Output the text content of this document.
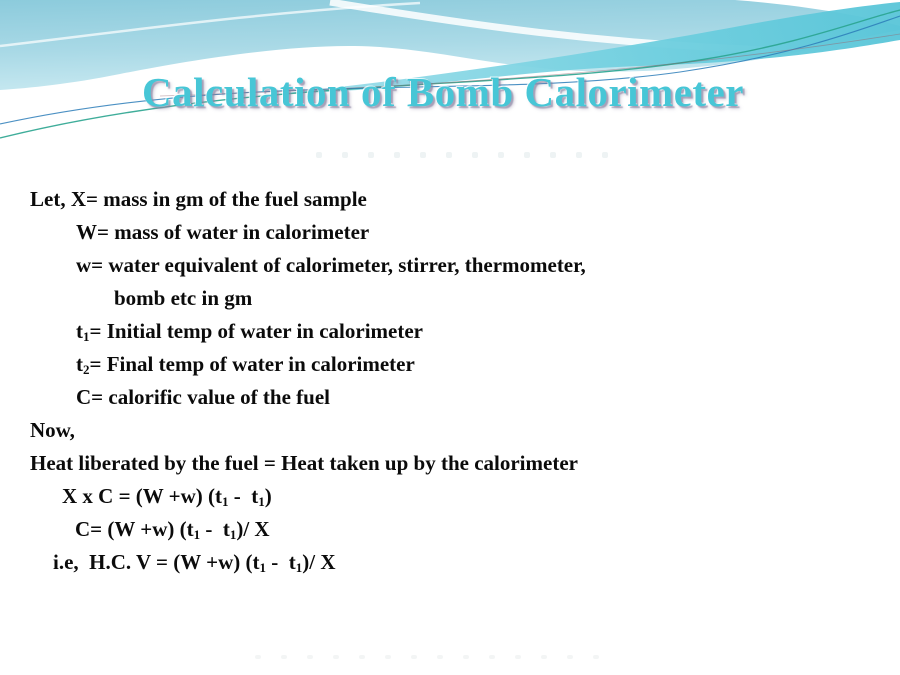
Calculation of Bomb Calorimeter
Let, X= mass in gm of the fuel sample
W= mass of water in calorimeter
w= water equivalent of calorimeter, stirrer, thermometer,
bomb etc in gm
$t_1=$ Initial temp of water in calorimeter
$t_2=$ Final temp of water in calorimeter
C= calorific value of the fuel
Now,
Heat liberated by the fuel = Heat taken up by the calorimeter
X x C = (W +w) $(t_1 - t_1)$
C= (W +w) $(t_1 - t_1)/$ X
i.e,  H.C. V = (W +w) $(t_1 - t_1)/$ X
